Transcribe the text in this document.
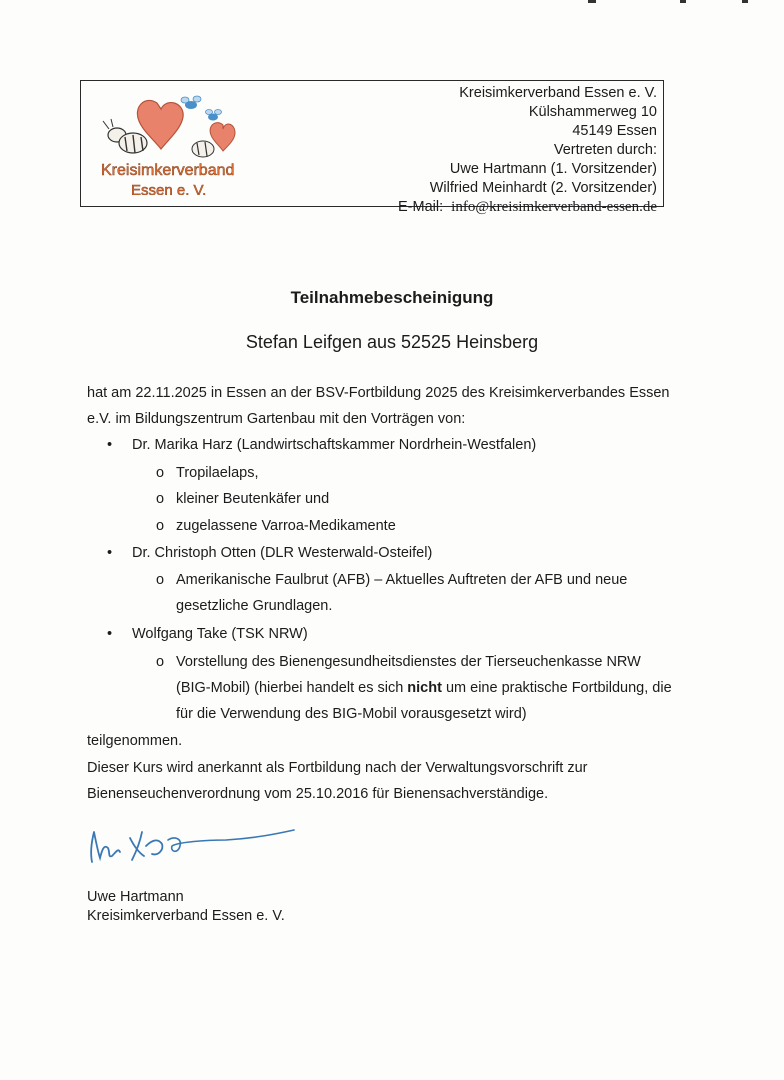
Kreisimkerverband
Essen e. V.
Kreisimkerverband Essen e. V.
Külshammerweg 10
45149 Essen
Vertreten durch:
Uwe Hartmann (1. Vorsitzender)
Wilfried Meinhardt (2. Vorsitzender)
E-Mail: info@kreisimkerverband-essen.de
Teilnahmebescheinigung
Stefan Leifgen aus 52525 Heinsberg
hat am 22.11.2025 in Essen an der BSV-Fortbildung 2025 des Kreisimkerverbandes Essen e.V. im Bildungszentrum Gartenbau mit den Vorträgen von:
• Dr. Marika Harz (Landwirtschaftskammer Nordrhein-Westfalen)
o Tropilaelaps,
o kleiner Beutenkäfer und
o zugelassene Varroa-Medikamente
• Dr. Christoph Otten (DLR Westerwald-Osteifel)
o Amerikanische Faulbrut (AFB) – Aktuelles Auftreten der AFB und neue gesetzliche Grundlagen.
• Wolfgang Take (TSK NRW)
o Vorstellung des Bienengesundheitsdienstes der Tierseuchenkasse NRW (BIG-Mobil) (hierbei handelt es sich nicht um eine praktische Fortbildung, die für die Verwendung des BIG-Mobil vorausgesetzt wird)
teilgenommen.
Dieser Kurs wird anerkannt als Fortbildung nach der Verwaltungsvorschrift zur Bienenseuchenverordnung vom 25.10.2016 für Bienensachverständige.
Uwe Hartmann
Kreisimkerverband Essen e. V.
